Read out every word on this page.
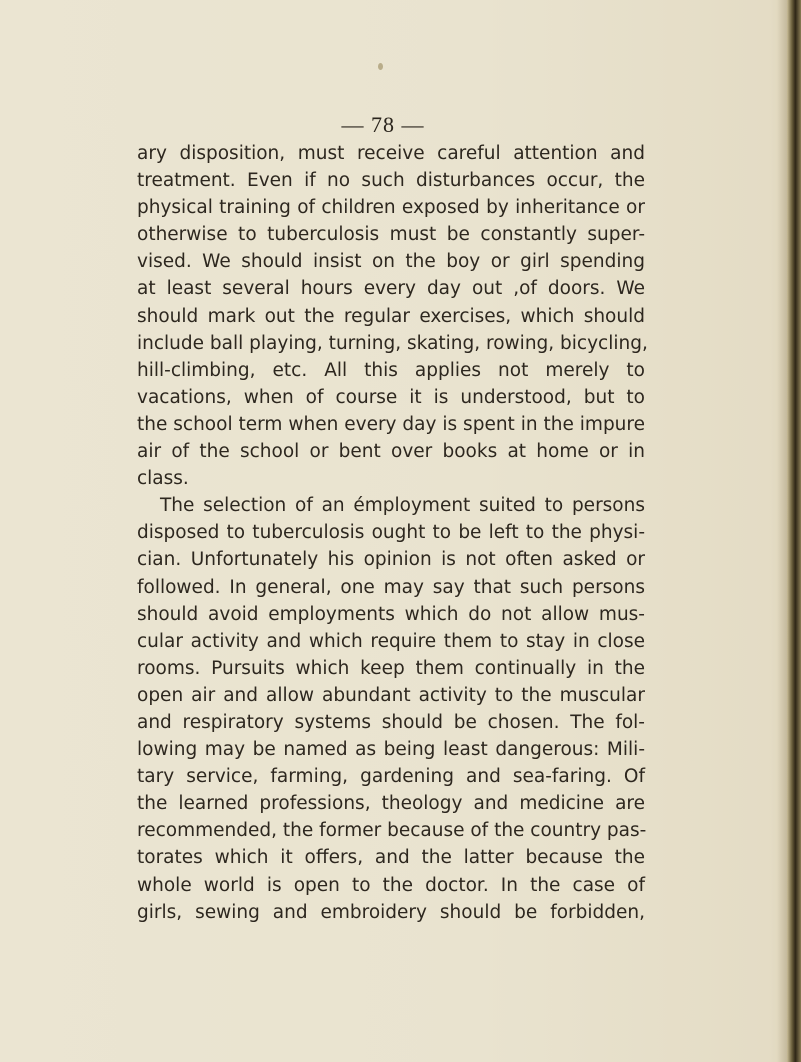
— 78 —
ary disposition, must receive careful attention and
treatment. Even if no such disturbances occur, the
physical training of children exposed by inheritance or
otherwise to tuberculosis must be constantly super-
vised. We should insist on the boy or girl spending
at least several hours every day out ,of doors. We
should mark out the regular exercises, which should
include ball playing, turning, skating, rowing, bicycling,
hill-climbing, etc. All this applies not merely to
vacations, when of course it is understood, but to
the school term when every day is spent in the impure
air of the school or bent over books at home or in
class.
The selection of an émployment suited to persons
disposed to tuberculosis ought to be left to the physi-
cian. Unfortunately his opinion is not often asked or
followed. In general, one may say that such persons
should avoid employments which do not allow mus-
cular activity and which require them to stay in close
rooms. Pursuits which keep them continually in the
open air and allow abundant activity to the muscular
and respiratory systems should be chosen. The fol-
lowing may be named as being least dangerous: Mili-
tary service, farming, gardening and sea-faring. Of
the learned professions, theology and medicine are
recommended, the former because of the country pas-
torates which it offers, and the latter because the
whole world is open to the doctor. In the case of
girls, sewing and embroidery should be forbidden,
